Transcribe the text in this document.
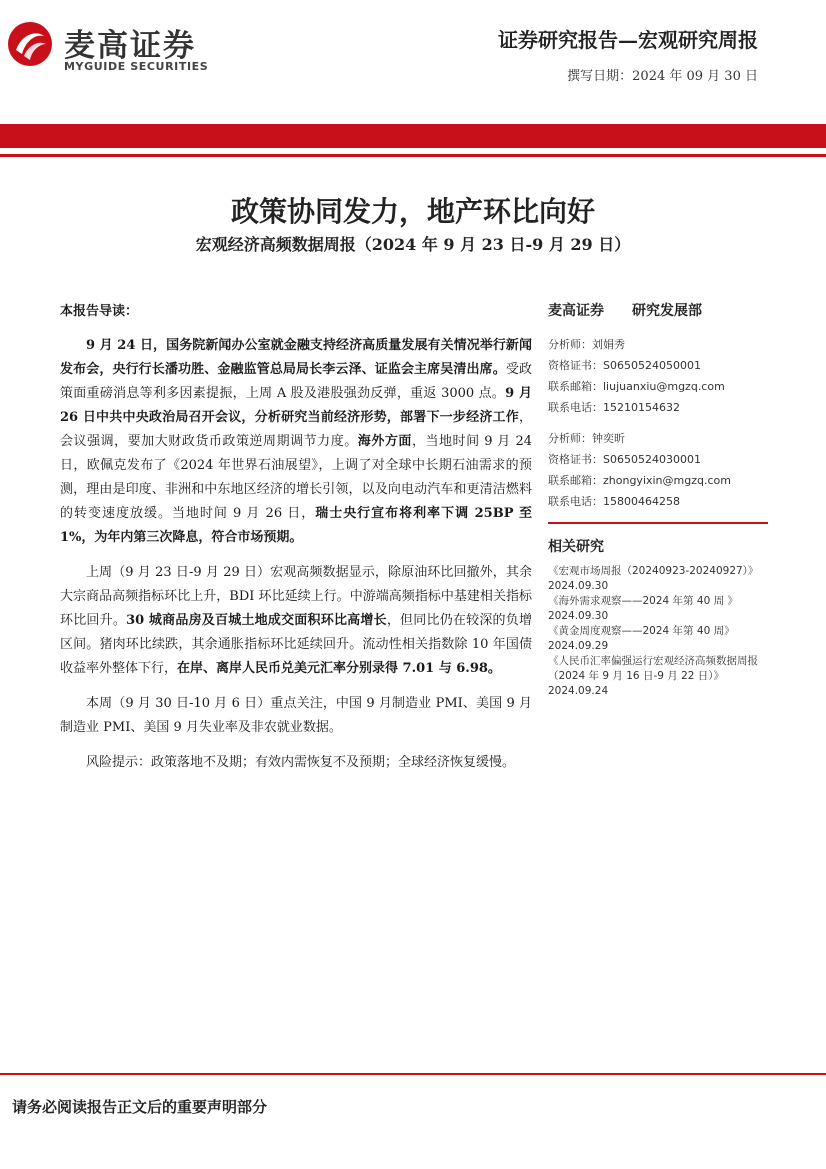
麦高证券
MYGUIDE SECURITIES
证券研究报告—宏观研究周报
撰写日期：2024 年 09 月 30 日
政策协同发力，地产环比向好
宏观经济高频数据周报（2024 年 9 月 23 日-9 月 29 日）
本报告导读：

9 月 24 日，国务院新闻办公室就金融支持经济高质量发展有关情况举行新闻发布会，央行行长潘功胜、金融监管总局局长李云泽、证监会主席吴清出席。受政策面重磅消息等利多因素提振，上周 A 股及港股强劲反弹，重返 3000 点。9 月 26 日中共中央政治局召开会议，分析研究当前经济形势，部署下一步经济工作，会议强调，要加大财政货币政策逆周期调节力度。海外方面，当地时间 9 月 24 日，欧佩克发布了《2024 年世界石油展望》，上调了对全球中长期石油需求的预测，理由是印度、非洲和中东地区经济的增长引领，以及向电动汽车和更清洁燃料的转变速度放缓。当地时间 9 月 26 日，瑞士央行宣布将利率下调 25BP 至 1%，为年内第三次降息，符合市场预期。

上周（9 月 23 日-9 月 29 日）宏观高频数据显示，除原油环比回撤外，其余大宗商品高频指标环比上升，BDI 环比延续上行。中游端高频指标中基建相关指标环比回升。30 城商品房及百城土地成交面积环比高增长，但同比仍在较深的负增区间。猪肉环比续跌，其余通胀指标环比延续回升。流动性相关指数除 10 年国债收益率外整体下行，在岸、离岸人民币兑美元汇率分别录得 7.01 与 6.98。

本周（9 月 30 日-10 月 6 日）重点关注，中国 9 月制造业 PMI、美国 9 月制造业 PMI、美国 9 月失业率及非农就业数据。

风险提示：政策落地不及期；有效内需恢复不及预期；全球经济恢复缓慢。

麦高证券 研究发展部
分析师：刘娟秀
资格证书：S0650524050001
联系邮箱：liujuanxiu@mgzq.com
联系电话：15210154632
分析师：钟奕昕
资格证书：S0650524030001
联系邮箱：zhongyixin@mgzq.com
联系电话：15800464258
相关研究
《宏观市场周报（20240923-20240927）》2024.09.30
《海外需求观察——2024 年第 40 周 》2024.09.30
《黄金周度观察——2024 年第 40 周》2024.09.29
《人民币汇率偏强运行宏观经济高频数据周报（2024 年 9 月 16 日-9 月 22 日）》2024.09.24
请务必阅读报告正文后的重要声明部分
